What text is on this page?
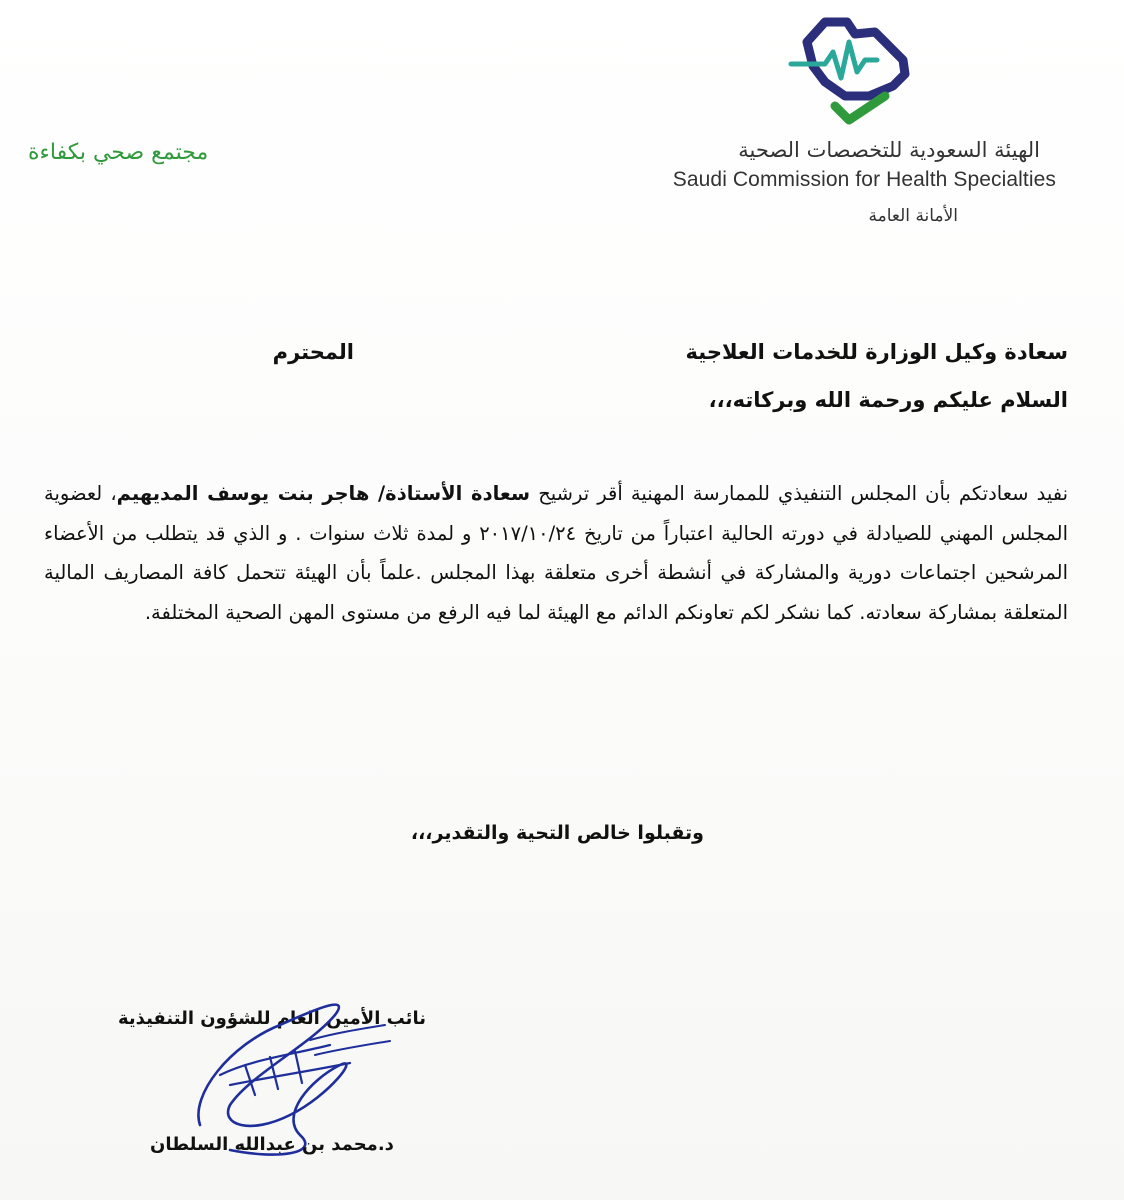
الهيئة السعودية للتخصصات الصحية
Saudi Commission for Health Specialties
الأمانة العامة
مجتمع صحي بكفاءة
سعادة وكيل الوزارة للخدمات العلاجية
المحترم
السلام عليكم ورحمة الله وبركاته،،،
نفيد سعادتكم بأن المجلس التنفيذي للممارسة المهنية أقر ترشيح سعادة الأستاذة/ هاجر بنت يوسف المديهيم، لعضوية المجلس المهني للصيادلة في دورته الحالية اعتباراً من تاريخ ٢٠١٧/١٠/٢٤ و لمدة ثلاث سنوات . و الذي قد يتطلب من الأعضاء المرشحين اجتماعات دورية والمشاركة في أنشطة أخرى متعلقة بهذا المجلس .علماً بأن الهيئة تتحمل كافة المصاريف المالية المتعلقة بمشاركة سعادته. كما نشكر لكم تعاونكم الدائم مع الهيئة لما فيه الرفع من مستوى المهن الصحية المختلفة.
وتقبلوا خالص التحية والتقدير،،،
نائب الأمين العام للشؤون التنفيذية
د.محمد بن عبدالله السلطان
